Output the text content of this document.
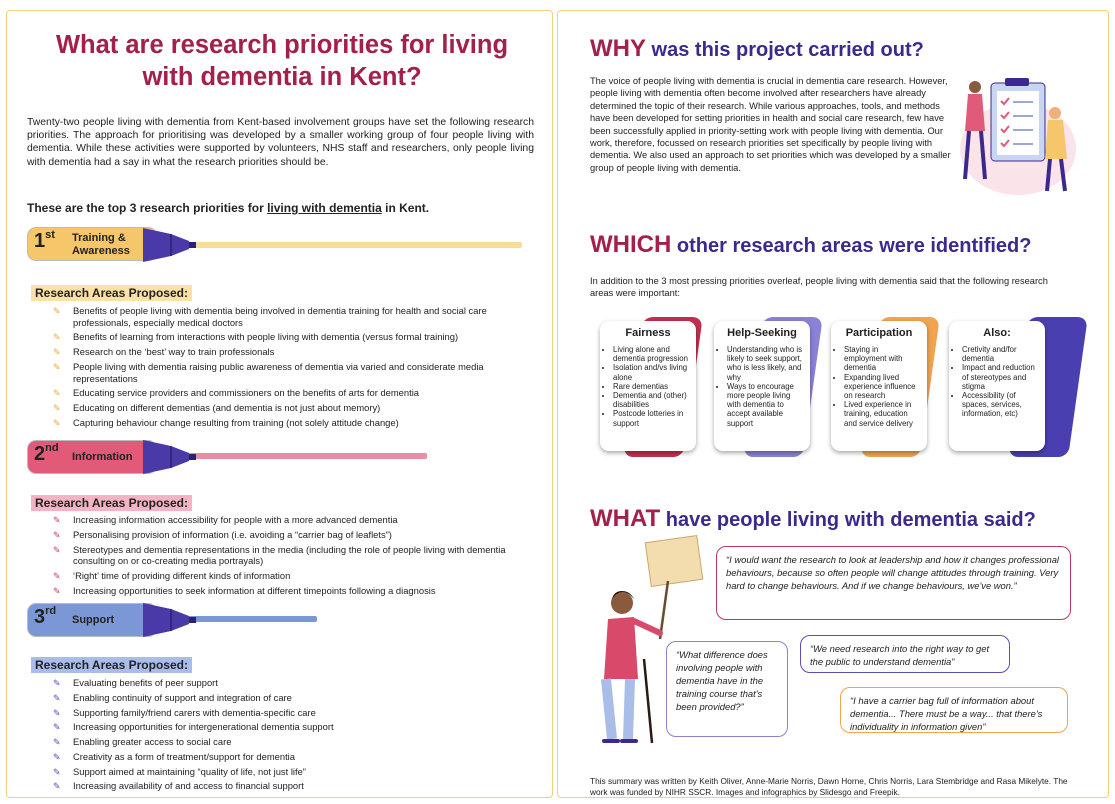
What are research priorities for living with dementia in Kent?
Twenty-two people living with dementia from Kent-based involvement groups have set the following research priorities. The approach for prioritising was developed by a smaller working group of four people living with dementia. While these activities were supported by volunteers, NHS staff and researchers, only people living with dementia had a say in what the research priorities should be.
These are the top 3 research priorities for living with dementia in Kent.
1st Training &
Awareness
Research Areas Proposed:
✎ Benefits of people living with dementia being involved in dementia training for health and social care professionals, especially medical doctors
✎ Benefits of learning from interactions with people living with dementia (versus formal training)
✎ Research on the ‘best’ way to train professionals
✎ People living with dementia raising public awareness of dementia via varied and considerate media representations
✎ Educating service providers and commissioners on the benefits of arts for dementia
✎ Educating on different dementias (and dementia is not just about memory)
✎ Capturing behaviour change resulting from training (not solely attitude change)
2nd
Information
Research Areas Proposed:
✎ Increasing information accessibility for people with a more advanced dementia
✎ Personalising provision of information (i.e. avoiding a “carrier bag of leaflets”)
✎ Stereotypes and dementia representations in the media (including the role of people living with dementia consulting on or co-creating media portrayals)
✎ ‘Right’ time of providing different kinds of information
✎ Increasing opportunities to seek information at different timepoints following a diagnosis
3rd
Support
Research Areas Proposed:
✎ Evaluating benefits of peer support
✎ Enabling continuity of support and integration of care
✎ Supporting family/friend carers with dementia-specific care
✎ Increasing opportunities for intergenerational dementia support
✎ Enabling greater access to social care
✎ Creativity as a form of treatment/support for dementia
✎ Support aimed at maintaining “quality of life, not just life”
✎ Increasing availability of and access to financial support
WHY was this project carried out?
The voice of people living with dementia is crucial in dementia care research. However, people living with dementia often become involved after researchers have already determined the topic of their research. While various approaches, tools, and methods have been developed for setting priorities in health and social care research, few have been successfully applied in priority-setting work with people living with dementia. Our work, therefore, focussed on research priorities set specifically by people living with dementia. We also used an approach to set priorities which was developed by a smaller group of people living with dementia.
WHICH other research areas were identified?
In addition to the 3 most pressing priorities overleaf, people living with dementia said that the following research areas were important:
Fairness
• Living alone and dementia progression
• Isolation and/vs living alone
• Rare dementias
• Dementia and (other) disabilities
• Postcode lotteries in support
Help-Seeking
• Understanding who is likely to seek support, who is less likely, and why
• Ways to encourage more people living with dementia to accept available support
Participation
• Staying in employment with dementia
• Expanding lived experience influence on research
• Lived experience in training, education and service delivery
Also:
• Cretivity and/for dementia
• Impact and reduction of stereotypes and stigma
• Accessibility (of spaces, services, information, etc)
WHAT have people living with dementia said?
“I would want the research to look at leadership and how it changes professional behaviours, because so often people will change attitudes through training. Very hard to change behaviours. And if we change behaviours, we've won.”
“What difference does involving people with dementia have in the training course that's been provided?”
“We need research into the right way to get the public to understand dementia”
“I have a carrier bag full of information about dementia... There must be a way... that there's individuality in information given”
This summary was written by Keith Oliver, Anne-Marie Norris, Dawn Horne, Chris Norris, Lara Stembridge and Rasa Mikelyte. The work was funded by NIHR SSCR. Images and infographics by Slidesgo and Freepik.
